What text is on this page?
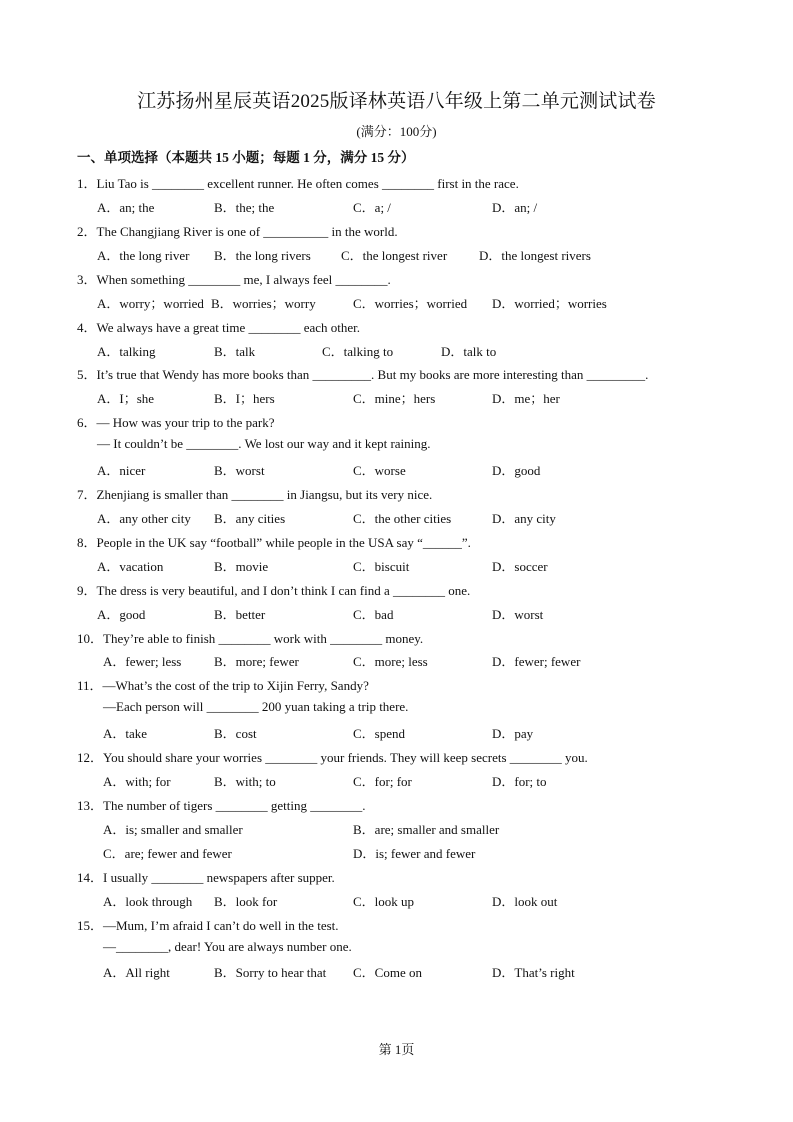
江苏扬州星辰英语2025版译林英语八年级上第二单元测试试卷
(满分：100分)
一、单项选择（本题共 15 小题；每题 1 分，满分 15 分）
1．Liu Tao is ________ excellent runner. He often comes ________ first in the race.
A．an; the	B．the; the	C．a; /	D．an; /
2．The Changjiang River is one of __________ in the world.
A．the long river B．the long rivers C．the longest river D．the longest rivers
3．When something ________ me, I always feel ________.
A．worry；worried B．worries；worry	C．worries；worried D．worried；worries
4．We always have a great time ________ each other.
A．talking	B．talk	C．talking to	D．talk to
5．It’s true that Wendy has more books than _________. But my books are more interesting than _________.
A．I；she	B．I；hers	C．mine；hers	D．me；her
6．— How was your trip to the park?
— It couldn’t be ________. We lost our way and it kept raining.
A．nicer	B．worst	C．worse	D．good
7．Zhenjiang is smaller than ________ in Jiangsu, but its very nice.
A．any other city B．any cities	C．the other cities	D．any city
8．People in the UK say “football” while people in the USA say “______”.
A．vacation	B．movie	C．biscuit	D．soccer
9．The dress is very beautiful, and I don’t think I can find a ________ one.
A．good	B．better	C．bad	D．worst
10．They’re able to finish ________ work with ________ money.
A．fewer; less	B．more; fewer	C．more; less	D．fewer; fewer
11．—What’s the cost of the trip to Xijin Ferry, Sandy?
—Each person will ________ 200 yuan taking a trip there.
A．take	B．cost	C．spend	D．pay
12．You should share your worries ________ your friends. They will keep secrets ________ you.
A．with; for	B．with; to	C．for; for	D．for; to
13．The number of tigers ________ getting ________.
A．is; smaller and smaller	B．are; smaller and smaller
C．are; fewer and fewer	D．is; fewer and fewer
14．I usually ________ newspapers after supper.
A．look through B．look for	C．look up	D．look out
15．—Mum, I’m afraid I can’t do well in the test.
—________, dear! You are always number one.
A．All right	B．Sorry to hear that C．Come on	D．That’s right
第 1页
